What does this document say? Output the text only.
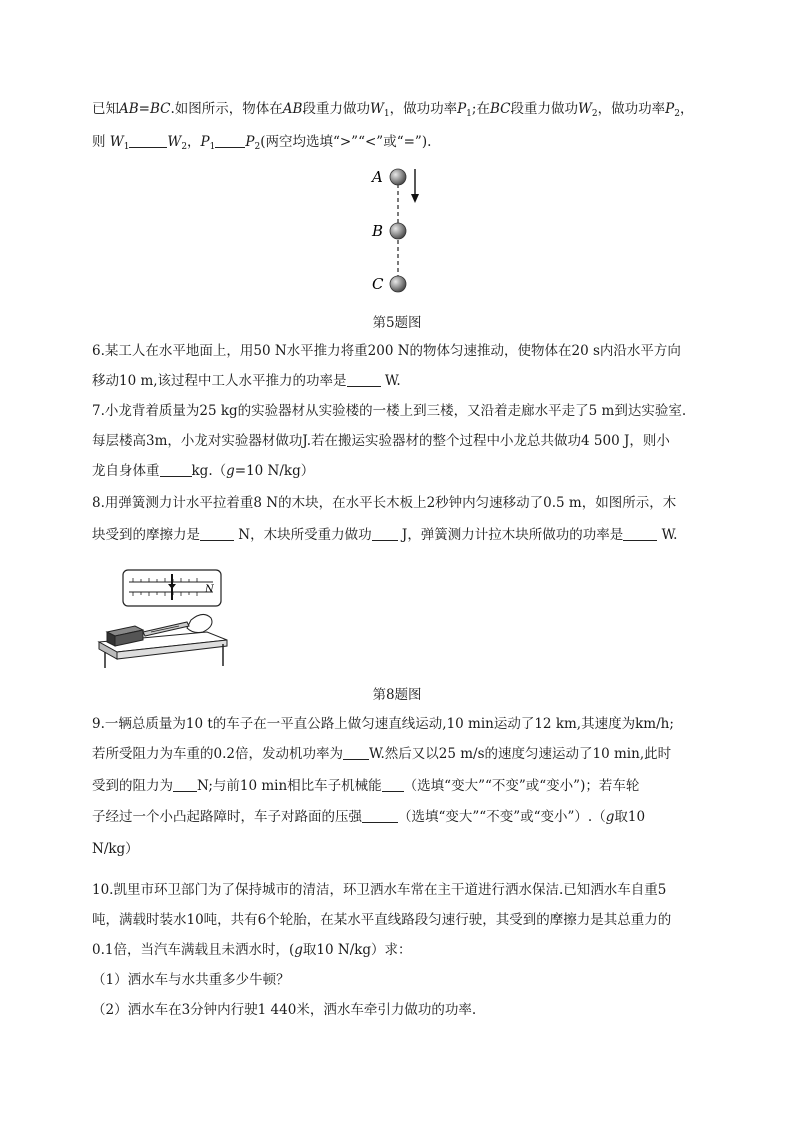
已知AB=BC.如图所示，物体在AB段重力做功$W_1$，做功功率$P_1$;在BC段重力做功$W_2$，做功功率$P_2$，
则 $W_1$	$W_2$，$P_1$ $P_2$(两空均选填“>”“<”或“=”).
A
B
C
第5题图
6.某工人在水平地面上，用50 N水平推力将重200 N的物体匀速推动，使物体在20 s内沿水平方向
移动10 m,该过程中工人水平推力的功率是	W.
7.小龙背着质量为25 kg的实验器材从实验楼的一楼上到三楼，又沿着走廊水平走了5 m到达实验室.
每层楼高3m，小龙对实验器材做功J.若在搬运实验器材的整个过程中小龙总共做功4 500 J，则小
龙自身体重 kg.（g=10 N/kg）
8.用弹簧测力计水平拉着重8 N的木块，在水平长木板上2秒钟内匀速移动了0.5 m，如图所示，木
块受到的摩擦力是	N，木块所受重力做功 J，弹簧测力计拉木块所做功的功率是	W.
N
第8题图
9.一辆总质量为10 t的车子在一平直公路上做匀速直线运动,10 min运动了12 km,其速度为km/h;
若所受阻力为车重的0.2倍，发动机功率为 W.然后又以25 m/s的速度匀速运动了10 min,此时
受到的阻力为 N;与前10 min相比车子机械能 （选填“变大”“不变”或“变小”)；若车轮
子经过一个小凸起路障时，车子对路面的压强	（选填“变大”“不变”或“变小”）.（g取10
N/kg）
10.凯里市环卫部门为了保持城市的清洁，环卫洒水车常在主干道进行洒水保洁.已知洒水车自重5
吨，满载时装水10吨，共有6个轮胎，在某水平直线路段匀速行驶，其受到的摩擦力是其总重力的
0.1倍，当汽车满载且未洒水时，(g取10 N/kg）求：
（1）洒水车与水共重多少牛顿？
（2）洒水车在3分钟内行驶1 440米，洒水车牵引力做功的功率.
